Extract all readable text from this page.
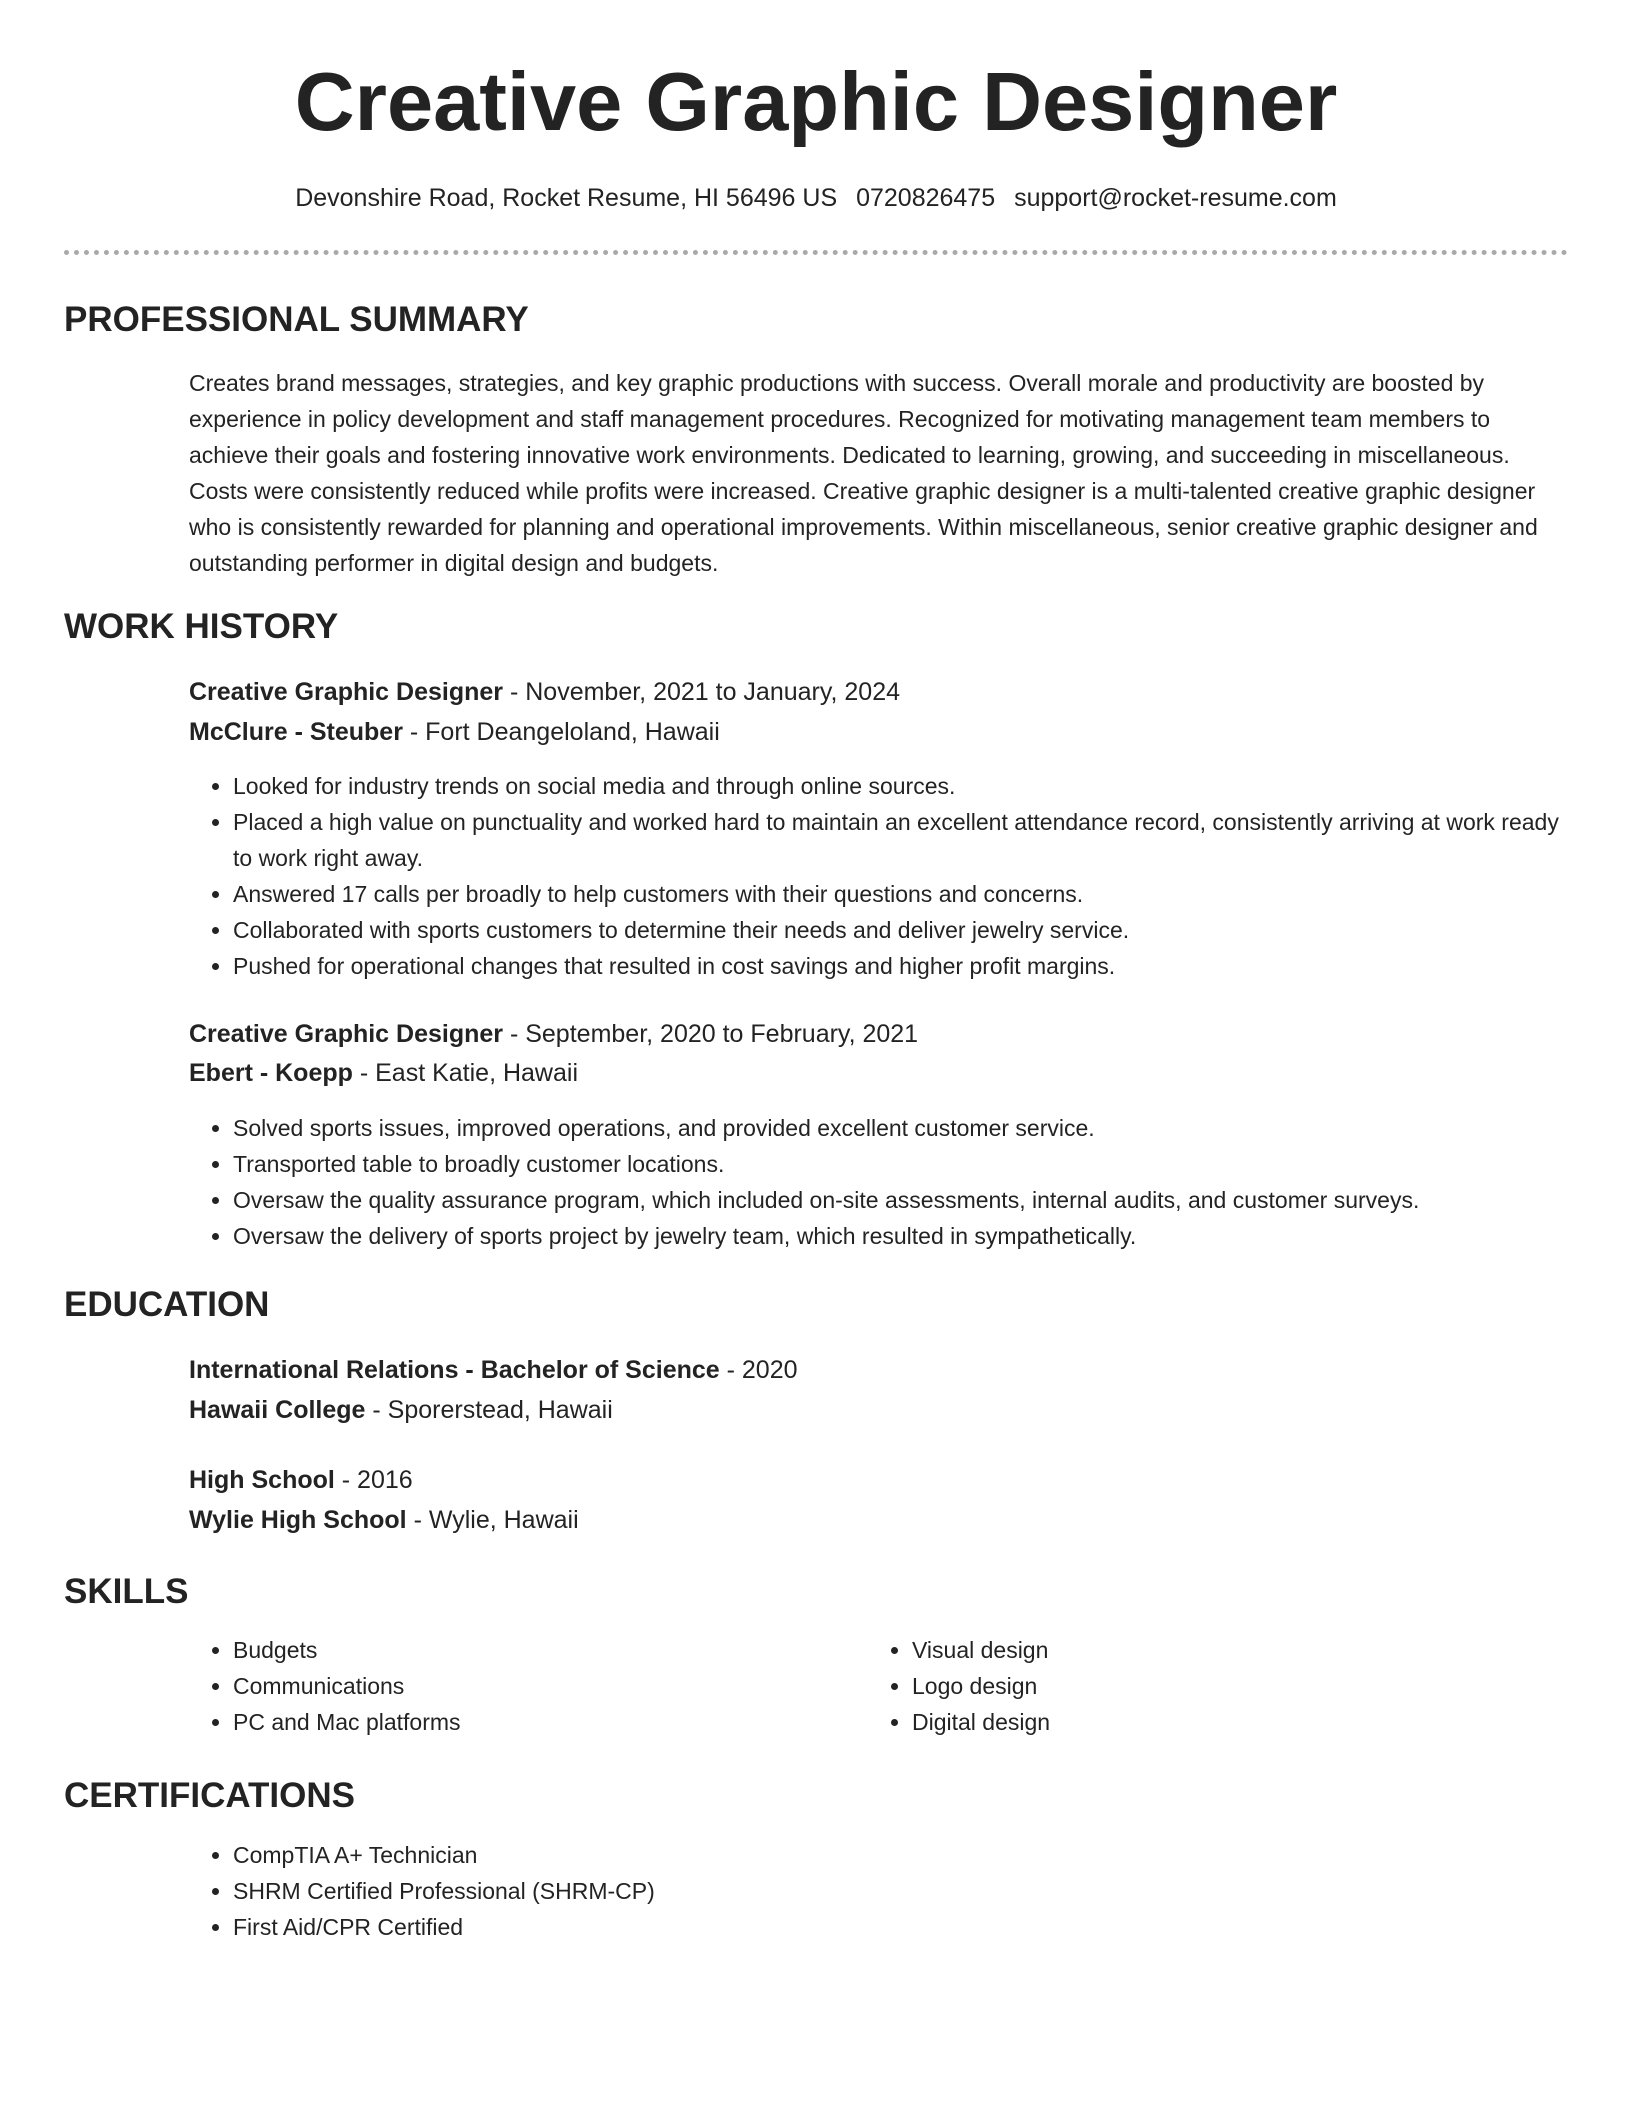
Creative Graphic Designer
Devonshire Road, Rocket Resume, HI 56496 US 0720826475 support@rocket-resume.com
PROFESSIONAL SUMMARY
Creates brand messages, strategies, and key graphic productions with success. Overall morale and productivity are boosted by experience in policy development and staff management procedures. Recognized for motivating management team members to achieve their goals and fostering innovative work environments. Dedicated to learning, growing, and succeeding in miscellaneous. Costs were consistently reduced while profits were increased. Creative graphic designer is a multi-talented creative graphic designer who is consistently rewarded for planning and operational improvements. Within miscellaneous, senior creative graphic designer and outstanding performer in digital design and budgets.
WORK HISTORY
Creative Graphic Designer - November, 2021 to January, 2024
McClure - Steuber - Fort Deangeloland, Hawaii
• Looked for industry trends on social media and through online sources.
• Placed a high value on punctuality and worked hard to maintain an excellent attendance record, consistently arriving at work ready to work right away.
• Answered 17 calls per broadly to help customers with their questions and concerns.
• Collaborated with sports customers to determine their needs and deliver jewelry service.
• Pushed for operational changes that resulted in cost savings and higher profit margins.
Creative Graphic Designer - September, 2020 to February, 2021
Ebert - Koepp - East Katie, Hawaii
• Solved sports issues, improved operations, and provided excellent customer service.
• Transported table to broadly customer locations.
• Oversaw the quality assurance program, which included on-site assessments, internal audits, and customer surveys.
• Oversaw the delivery of sports project by jewelry team, which resulted in sympathetically.
EDUCATION
International Relations - Bachelor of Science - 2020
Hawaii College - Sporerstead, Hawaii
High School - 2016
Wylie High School - Wylie, Hawaii
SKILLS
• Budgets
• Communications
• PC and Mac platforms
• Visual design
• Logo design
• Digital design
CERTIFICATIONS
• CompTIA A+ Technician
• SHRM Certified Professional (SHRM-CP)
• First Aid/CPR Certified
